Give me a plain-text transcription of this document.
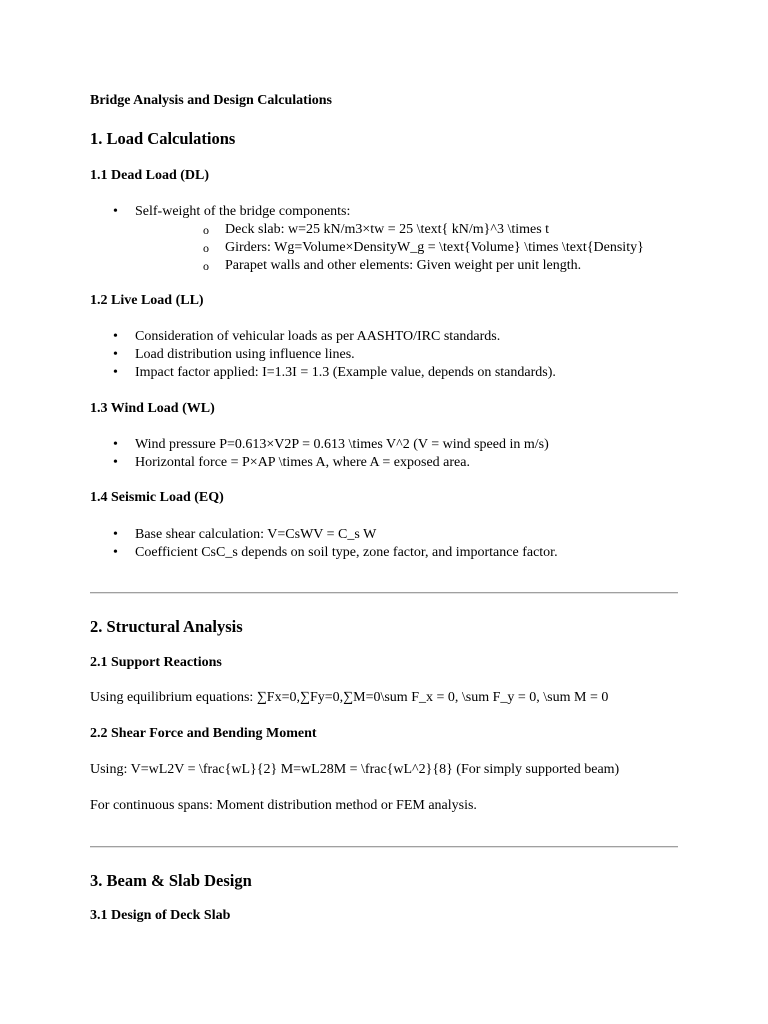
Bridge Analysis and Design Calculations
1. Load Calculations
1.1 Dead Load (DL)
• Self-weight of the bridge components:
o Deck slab: w=25 kN/m3×tw = 25 \text{ kN/m}^3 \times t
o Girders: Wg=Volume×DensityW_g = \text{Volume} \times \text{Density}
o Parapet walls and other elements: Given weight per unit length.
1.2 Live Load (LL)
• Consideration of vehicular loads as per AASHTO/IRC standards.
• Load distribution using influence lines.
• Impact factor applied: I=1.3I = 1.3 (Example value, depends on standards).
1.3 Wind Load (WL)
• Wind pressure P=0.613×V2P = 0.613 \times V^2 (V = wind speed in m/s)
• Horizontal force = P×AP \times A, where A = exposed area.
1.4 Seismic Load (EQ)
• Base shear calculation: V=CsWV = C_s W
• Coefficient CsC_s depends on soil type, zone factor, and importance factor.
2. Structural Analysis
2.1 Support Reactions

Using equilibrium equations: ∑Fx=0,∑Fy=0,∑M=0\sum F_x = 0, \sum F_y = 0, \sum M = 0

2.2 Shear Force and Bending Moment

Using: V=wL2V = \frac{wL}{2} M=wL28M = \frac{wL^2}{8} (For simply supported beam)

For continuous spans: Moment distribution method or FEM analysis.

3. Beam & Slab Design
3.1 Design of Deck Slab
